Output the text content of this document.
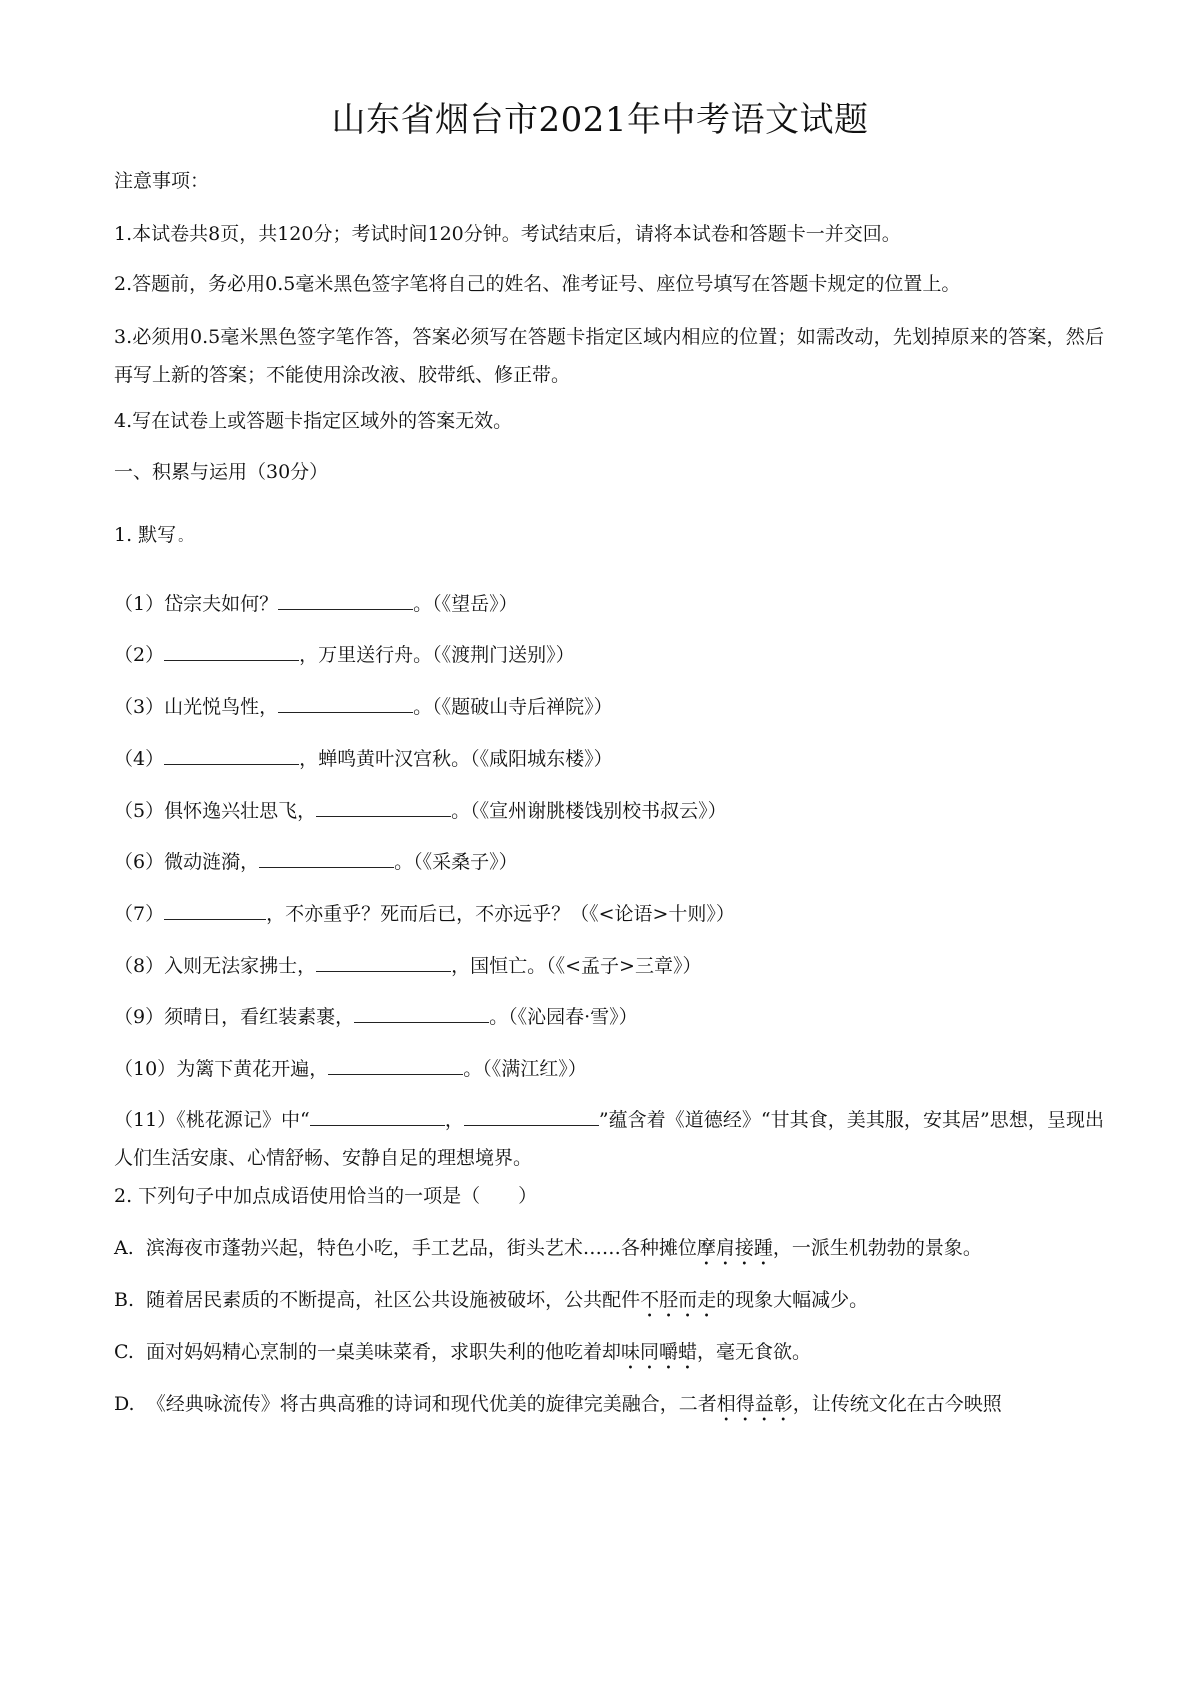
山东省烟台市2021年中考语文试题
注意事项：
1.本试卷共8页，共120分；考试时间120分钟。考试结束后，请将本试卷和答题卡一并交回。
2.答题前，务必用0.5毫米黑色签字笔将自己的姓名、准考证号、座位号填写在答题卡规定的位置上。
3.必须用0.5毫米黑色签字笔作答，答案必须写在答题卡指定区域内相应的位置；如需改动，先划掉原来的答案，然后再写上新的答案；不能使用涂改液、胶带纸、修正带。
4.写在试卷上或答题卡指定区域外的答案无效。
一、积累与运用（30分）
1. 默写 。
（1）岱宗夫如何？	。（《望岳》）
（2）	，万里送行舟。（《渡荆门送别》）
（3）山光悦鸟性，	。（《题破山寺后禅院》）
（4）	，蝉鸣黄叶汉宫秋。（《咸阳城东楼》）
（5）俱怀逸兴壮思飞，	。（《宣州谢朓楼饯别校书叔云》）
（6）微动涟漪，	。（《采桑子》）
（7）	，不亦重乎？死而后已，不亦远乎？（《<论语>十则》）
（8）入则无法家拂士，	，国恒亡。（《<孟子>三章》）
（9）须晴日，看红装素裹，	。（《沁园春·雪》）
（10）为篱下黄花开遍，	。（《满江红》）
（11）《桃花源记》中“	，	”蕴含着《道德经》“甘其食，美其服，安其居”思想，呈现出人们生活安康、心情舒畅、安静自足的理想境界。
2. 下列句子中加点成语使用恰当的一项是（　　）
A. 滨海夜市蓬勃兴起，特色小吃，手工艺品，街头艺术……各种摊位摩肩接踵，一派生机勃勃的景象。
B. 随着居民素质的不断提高，社区公共设施被破坏，公共配件不胫而走的现象大幅减少。
C. 面对妈妈精心烹制的一桌美味菜肴，求职失利的他吃着却味同嚼蜡，毫无食欲。
D. 《经典咏流传》将古典高雅的诗词和现代优美的旋律完美融合，二者相得益彰，让传统文化在古今映照
